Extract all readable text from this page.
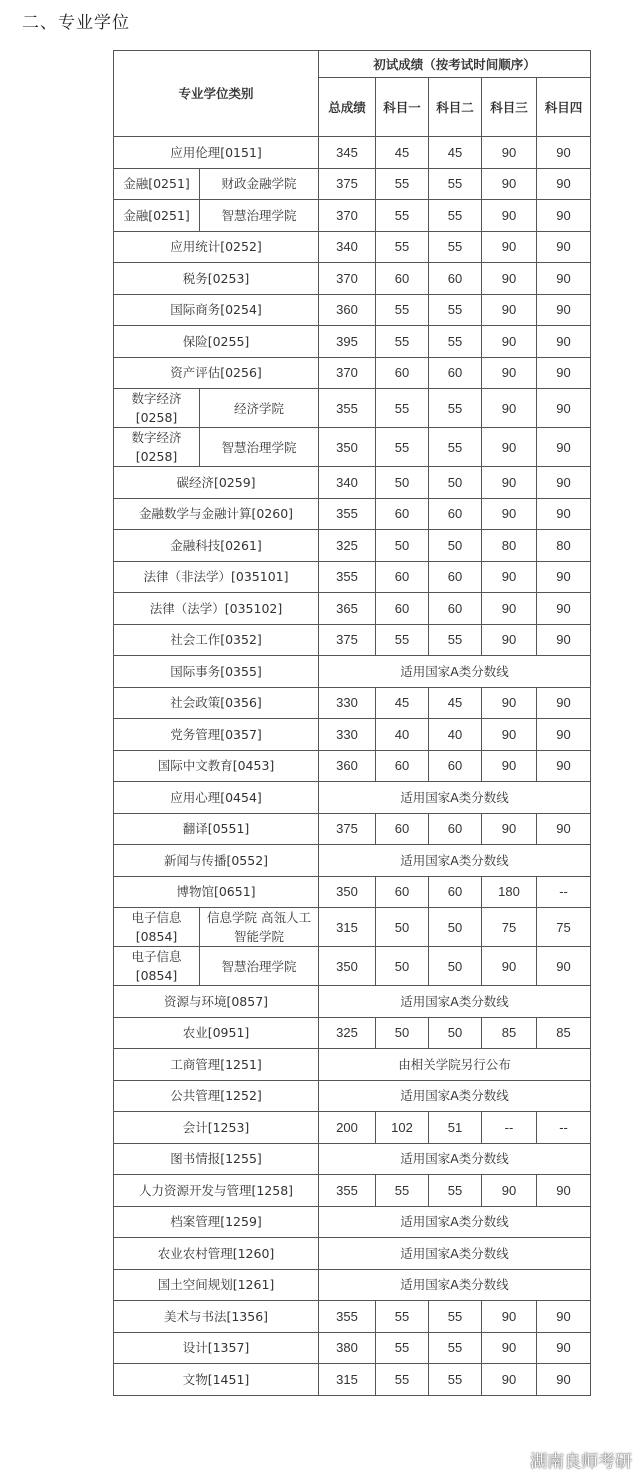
二、专业学位
专业学位类别		初试成绩（按考试时间顺序）				
		总成绩	科目一	科目二	科目三	科目四
应用伦理[0151]		345	45	45	90	90
金融[0251]	财政金融学院	375	55	55	90	90
金融[0251]	智慧治理学院	370	55	55	90	90
应用统计[0252]		340	55	55	90	90
税务[0253]		370	60	60	90	90
国际商务[0254]		360	55	55	90	90
保险[0255]		395	55	55	90	90
资产评估[0256]		370	60	60	90	90
数字经济[0258]	经济学院	355	55	55	90	90
数字经济[0258]	智慧治理学院	350	55	55	90	90
碳经济[0259]		340	50	50	90	90
金融数学与金融计算[0260]		355	60	60	90	90
金融科技[0261]		325	50	50	80	80
法律（非法学）[035101]		355	60	60	90	90
法律（法学）[035102]		365	60	60	90	90
社会工作[0352]		375	55	55	90	90
国际事务[0355]		适用国家A类分数线				
社会政策[0356]		330	45	45	90	90
党务管理[0357]		330	40	40	90	90
国际中文教育[0453]		360	60	60	90	90
应用心理[0454]		适用国家A类分数线				
翻译[0551]		375	60	60	90	90
新闻与传播[0552]		适用国家A类分数线				
博物馆[0651]		350	60	60	180	--
电子信息[0854]	信息学院 高瓴人工智能学院	315	50	50	75	75
电子信息[0854]	智慧治理学院	350	50	50	90	90
资源与环境[0857]		适用国家A类分数线				
农业[0951]		325	50	50	85	85
工商管理[1251]		由相关学院另行公布				
公共管理[1252]		适用国家A类分数线				
会计[1253]		200	102	51	--	--
图书情报[1255]		适用国家A类分数线				
人力资源开发与管理[1258]		355	55	55	90	90
档案管理[1259]		适用国家A类分数线				
农业农村管理[1260]		适用国家A类分数线				
国土空间规划[1261]		适用国家A类分数线				
美术与书法[1356]		355	55	55	90	90
设计[1357]		380	55	55	90	90
文物[1451]		315	55	55	90	90
湖南良师考研
